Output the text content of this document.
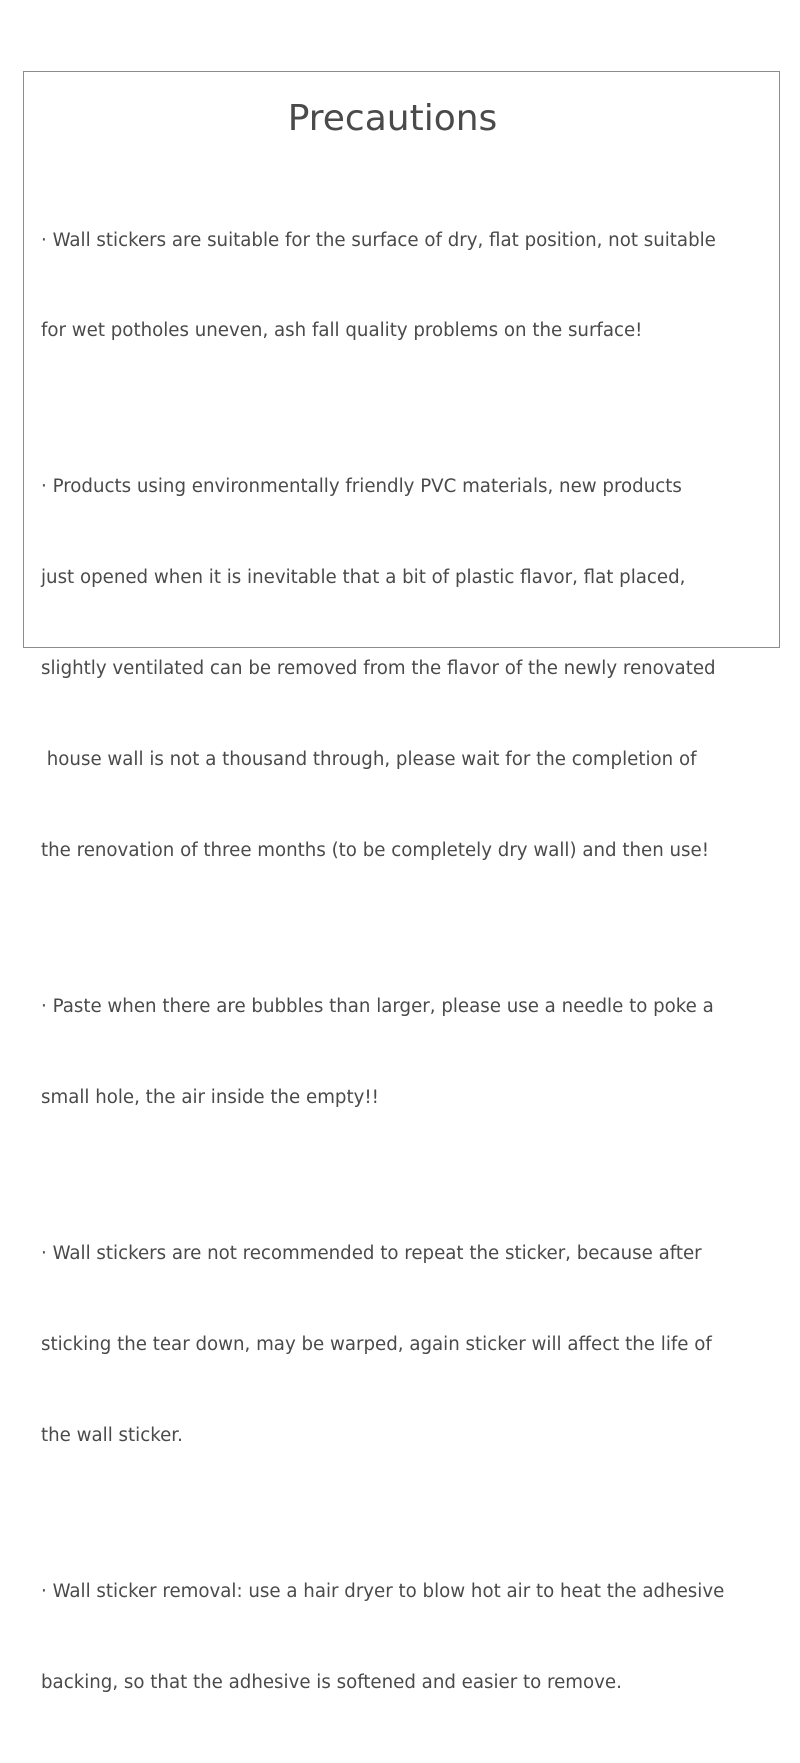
Precautions

· Wall stickers are suitable for the surface of dry, flat position, not suitable

for wet potholes uneven, ash fall quality problems on the surface!

· Products using environmentally friendly PVC materials, new products

just opened when it is inevitable that a bit of plastic flavor, flat placed,

slightly ventilated can be removed from the flavor of the newly renovated

house wall is not a thousand through, please wait for the completion of

the renovation of three months (to be completely dry wall) and then use!

· Paste when there are bubbles than larger, please use a needle to poke a

small hole, the air inside the empty!!

· Wall stickers are not recommended to repeat the sticker, because after

sticking the tear down, may be warped, again sticker will affect the life of

the wall sticker.

· Wall sticker removal: use a hair dryer to blow hot air to heat the adhesive

backing, so that the adhesive is softened and easier to remove.
